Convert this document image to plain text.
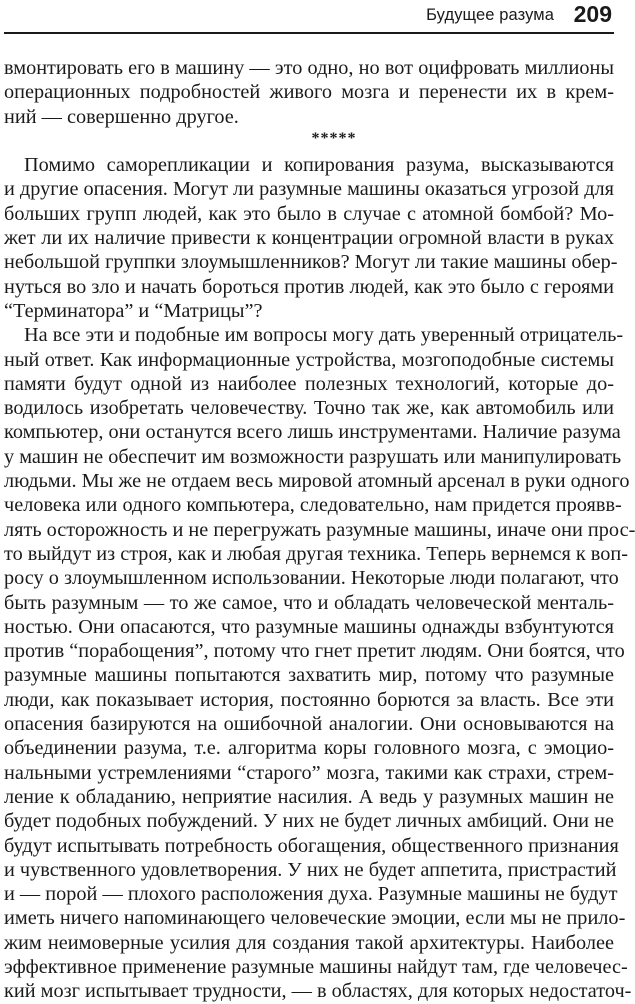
Будущее разума 209
вмонтировать его в машину — это одно, но вот оцифровать миллионы
операционных подробностей живого мозга и перенести их в крем-
ний — совершенно другое.
*****
Помимо саморепликации и копирования разума, высказываются
и другие опасения. Могут ли разумные машины оказаться угрозой для
больших групп людей, как это было в случае с атомной бомбой? Мо-
жет ли их наличие привести к концентрации огромной власти в руках
небольшой группки злоумышленников? Могут ли такие машины обер-
нуться во зло и начать бороться против людей, как это было с героями
“Терминатора” и “Матрицы”?
На все эти и подобные им вопросы могу дать уверенный отрицатель-
ный ответ. Как информационные устройства, мозгоподобные системы
памяти будут одной из наиболее полезных технологий, которые до-
водилось изобретать человечеству. Точно так же, как автомобиль или
компьютер, они останутся всего лишь инструментами. Наличие разума
у машин не обеспечит им возможности разрушать или манипулировать
людьми. Мы же не отдаем весь мировой атомный арсенал в руки одного
человека или одного компьютера, следовательно, нам придется проявв-
лять осторожность и не перегружать разумные машины, иначе они прос-
то выйдут из строя, как и любая другая техника. Теперь вернемся к воп-
росу о злоумышленном использовании. Некоторые люди полагают, что
быть разумным — то же самое, что и обладать человеческой менталь-
ностью. Они опасаются, что разумные машины однажды взбунтуются
против “порабощения”, потому что гнет претит людям. Они боятся, что
разумные машины попытаются захватить мир, потому что разумные
люди, как показывает история, постоянно борются за власть. Все эти
опасения базируются на ошибочной аналогии. Они основываются на
объединении разума, т.е. алгоритма коры головного мозга, с эмоцио-
нальными устремлениями “старого” мозга, такими как страхи, стрем-
ление к обладанию, неприятие насилия. А ведь у разумных машин не
будет подобных побуждений. У них не будет личных амбиций. Они не
будут испытывать потребность обогащения, общественного признания
и чувственного удовлетворения. У них не будет аппетита, пристрастий
и — порой — плохого расположения духа. Разумные машины не будут
иметь ничего напоминающего человеческие эмоции, если мы не прило-
жим неимоверные усилия для создания такой архитектуры. Наиболее
эффективное применение разумные машины найдут там, где человечес-
кий мозг испытывает трудности, — в областях, для которых недостаточ-
